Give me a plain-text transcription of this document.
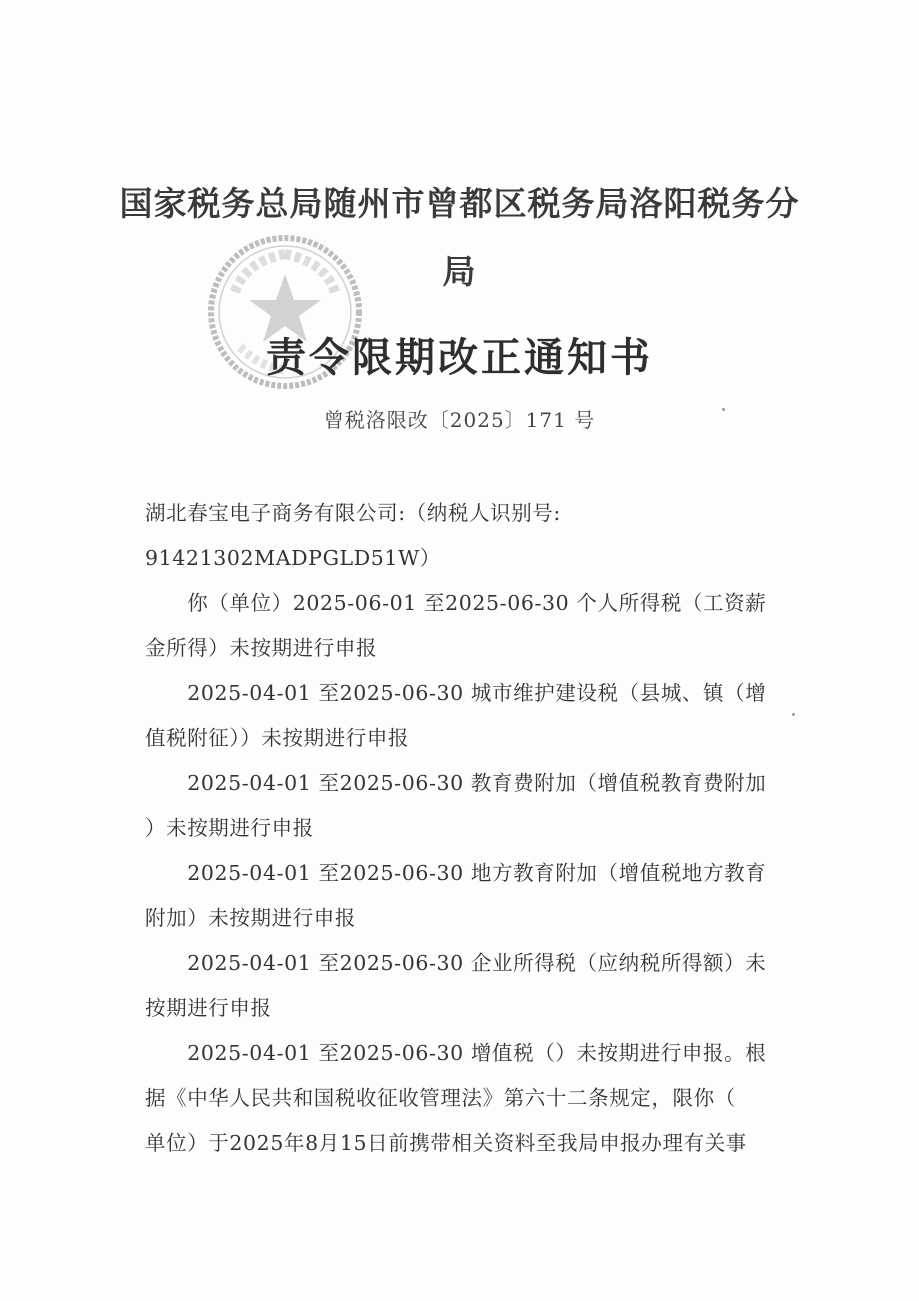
国家税务总局随州市曾都区税务局洛阳税务分
局
责令限期改正通知书
曾税洛限改〔2025〕171 号
湖北春宝电子商务有限公司:（纳税人识别号:
91421302MADPGLD51W）
　　你（单位）2025-06-01 至2025-06-30 个人所得税（工资薪
金所得）未按期进行申报
　　2025-04-01 至2025-06-30 城市维护建设税（县城、镇（增
值税附征））未按期进行申报
　　2025-04-01 至2025-06-30 教育费附加（增值税教育费附加
）未按期进行申报
　　2025-04-01 至2025-06-30 地方教育附加（增值税地方教育
附加）未按期进行申报
　　2025-04-01 至2025-06-30 企业所得税（应纳税所得额）未
按期进行申报
　　2025-04-01 至2025-06-30 增值税（）未按期进行申报。根
据《中华人民共和国税收征收管理法》第六十二条规定，限你（
单位）于2025年8月15日前携带相关资料至我局申报办理有关事
